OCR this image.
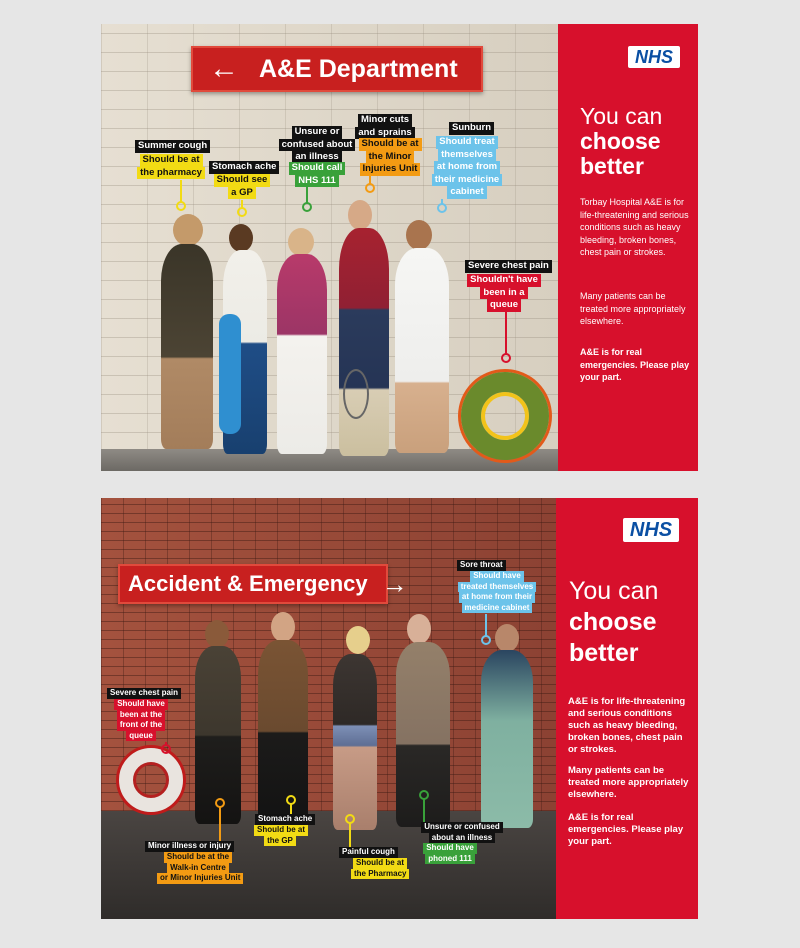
← A&E Department
Summer cough
Should be at
the pharmacy	Stomach ache
Should see
a GP
Unsure or
confused about
an illness
Should call
NHS 111
Minor cuts
and sprains
Should be at
the Minor
Injuries Unit
Sunburn
Should treat
themselves
at home from
their medicine
cabinet
Severe chest pain
Shouldn't have
been in a
queue
NHS
You can
choose
better
Torbay Hospital A&E is for life-threatening and serious conditions such as heavy bleeding, broken bones, chest pain or strokes.
Many patients can be treated more appropriately elsewhere.
A&E is for real emergencies. Please play your part.
Accident & Emergency →
Sore throat
Should have
treated themselves
at home from their
medicine cabinet
Severe chest pain
Should have
been at the
front of the
queue
Minor illness or injury
Should be at the
Walk-in Centre
or Minor Injuries Unit
Stomach ache
Should be at
the GP
Painful cough
Should be at
the Pharmacy
Unsure or confused
about an illness
Should have
phoned 111
NHS
You can
choose
better
A&E is for life-threatening and serious conditions such as heavy bleeding, broken bones, chest pain or strokes.
Many patients can be treated more appropriately elsewhere.
A&E is for real emergencies. Please play your part.
